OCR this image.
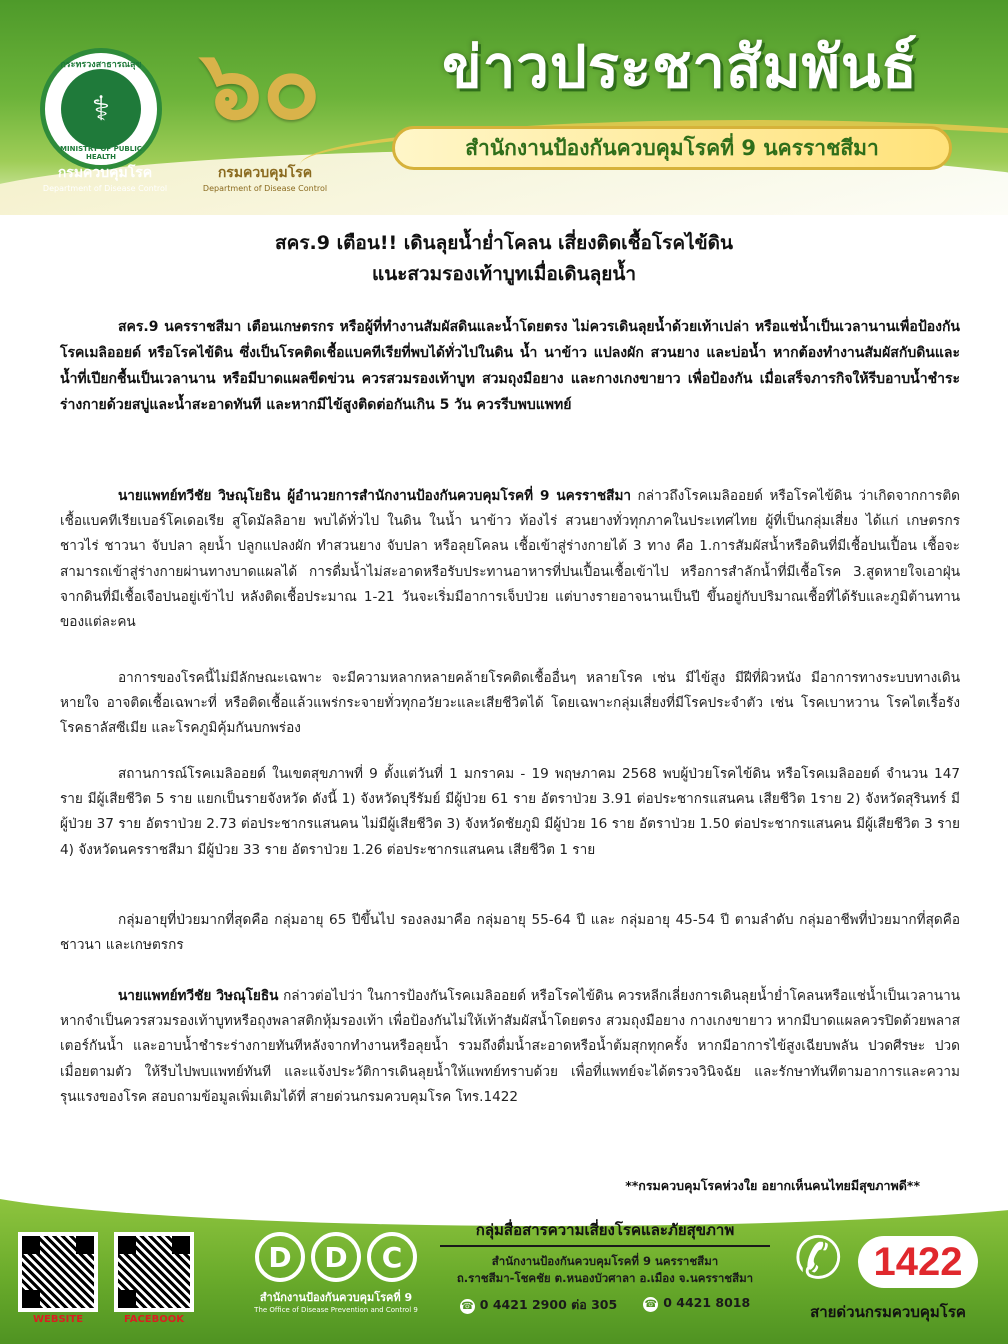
กระทรวงสาธารณสุข
⚕
MINISTRY OF PUBLIC HEALTH
กรมควบคุมโรค
Department of Disease Control
๖๐
กรมควบคุมโรค
Department of Disease Control
ข่าวประชาสัมพันธ์
สำนักงานป้องกันควบคุมโรคที่ 9 นครราชสีมา
สคร.9 เตือน!! เดินลุยน้ำย่ำโคลน เสี่ยงติดเชื้อโรคไข้ดิน
แนะสวมรองเท้าบูทเมื่อเดินลุยน้ำ
สคร.9 นครราชสีมา เตือนเกษตรกร หรือผู้ที่ทำงานสัมผัสดินและน้ำโดยตรง ไม่ควรเดินลุยน้ำด้วยเท้าเปล่า หรือแช่น้ำเป็นเวลานานเพื่อป้องกันโรคเมลิออยด์ หรือโรคไข้ดิน ซึ่งเป็นโรคติดเชื้อแบคทีเรียที่พบได้ทั่วไปในดิน น้ำ นาข้าว แปลงผัก สวนยาง และบ่อน้ำ หากต้องทำงานสัมผัสกับดินและน้ำที่เปียกชื้นเป็นเวลานาน หรือมีบาดแผลขีดข่วน ควรสวมรองเท้าบูท สวมถุงมือยาง และกางเกงขายาว เพื่อป้องกัน เมื่อเสร็จภารกิจให้รีบอาบน้ำชำระร่างกายด้วยสบู่และน้ำสะอาดทันที และหากมีไข้สูงติดต่อกันเกิน 5 วัน ควรรีบพบแพทย์
นายแพทย์ทวีชัย วิษณุโยธิน ผู้อำนวยการสำนักงานป้องกันควบคุมโรคที่ 9 นครราชสีมา กล่าวถึงโรคเมลิออยด์ หรือโรคไข้ดิน ว่าเกิดจากการติดเชื้อแบคทีเรียเบอร์โคเดอเรีย สูโดมัลลิอาย พบได้ทั่วไป ในดิน ในน้ำ นาข้าว ท้องไร่ สวนยางทั่วทุกภาคในประเทศไทย ผู้ที่เป็นกลุ่มเสี่ยง ได้แก่ เกษตรกร ชาวไร่ ชาวนา จับปลา ลุยน้ำ ปลูกแปลงผัก ทำสวนยาง จับปลา หรือลุยโคลน เชื้อเข้าสู่ร่างกายได้ 3 ทาง คือ 1.การสัมผัสน้ำหรือดินที่มีเชื้อปนเปื้อน เชื้อจะสามารถเข้าสู่ร่างกายผ่านทางบาดแผลได้ การดื่มน้ำไม่สะอาดหรือรับประทานอาหารที่ปนเปื้อนเชื้อเข้าไป หรือการสำลักน้ำที่มีเชื้อโรค 3.สูดหายใจเอาฝุ่นจากดินที่มีเชื้อเจือปนอยู่เข้าไป หลังติดเชื้อประมาณ 1-21 วันจะเริ่มมีอาการเจ็บป่วย แต่บางรายอาจนานเป็นปี ขึ้นอยู่กับปริมาณเชื้อที่ได้รับและภูมิต้านทานของแต่ละคน
อาการของโรคนี้ไม่มีลักษณะเฉพาะ จะมีความหลากหลายคล้ายโรคติดเชื้ออื่นๆ หลายโรค เช่น มีไข้สูง มีฝีที่ผิวหนัง มีอาการทางระบบทางเดินหายใจ อาจติดเชื้อเฉพาะที่ หรือติดเชื้อแล้วแพร่กระจายทั่วทุกอวัยวะและเสียชีวิตได้ โดยเฉพาะกลุ่มเสี่ยงที่มีโรคประจำตัว เช่น โรคเบาหวาน โรคไตเรื้อรัง โรคธาลัสซีเมีย และโรคภูมิคุ้มกันบกพร่อง
สถานการณ์โรคเมลิออยด์ ในเขตสุขภาพที่ 9 ตั้งแต่วันที่ 1 มกราคม - 19 พฤษภาคม 2568 พบผู้ป่วยโรคไข้ดิน หรือโรคเมลิออยด์ จำนวน 147 ราย มีผู้เสียชีวิต 5 ราย แยกเป็นรายจังหวัด ดังนี้ 1) จังหวัดบุรีรัมย์ มีผู้ป่วย 61 ราย อัตราป่วย 3.91 ต่อประชากรแสนคน เสียชีวิต 1ราย 2) จังหวัดสุรินทร์ มีผู้ป่วย 37 ราย อัตราป่วย 2.73 ต่อประชากรแสนคน ไม่มีผู้เสียชีวิต 3) จังหวัดชัยภูมิ มีผู้ป่วย 16 ราย อัตราป่วย 1.50 ต่อประชากรแสนคน มีผู้เสียชีวิต 3 ราย 4) จังหวัดนครราชสีมา มีผู้ป่วย 33 ราย อัตราป่วย 1.26 ต่อประชากรแสนคน เสียชีวิต 1 ราย
กลุ่มอายุที่ป่วยมากที่สุดคือ กลุ่มอายุ 65 ปีขึ้นไป รองลงมาคือ กลุ่มอายุ 55-64 ปี และ กลุ่มอายุ 45-54 ปี ตามลำดับ กลุ่มอาชีพที่ป่วยมากที่สุดคือ ชาวนา และเกษตรกร
นายแพทย์ทวีชัย วิษณุโยธิน กล่าวต่อไปว่า ในการป้องกันโรคเมลิออยด์ หรือโรคไข้ดิน ควรหลีกเลี่ยงการเดินลุยน้ำย่ำโคลนหรือแช่น้ำเป็นเวลานาน หากจำเป็นควรสวมรองเท้าบูทหรือถุงพลาสติกหุ้มรองเท้า เพื่อป้องกันไม่ให้เท้าสัมผัสน้ำโดยตรง สวมถุงมือยาง กางเกงขายาว หากมีบาดแผลควรปิดด้วยพลาสเตอร์กันน้ำ และอาบน้ำชำระร่างกายทันทีหลังจากทำงานหรือลุยน้ำ รวมถึงดื่มน้ำสะอาดหรือน้ำต้มสุกทุกครั้ง หากมีอาการไข้สูงเฉียบพลัน ปวดศีรษะ ปวดเมื่อยตามตัว ให้รีบไปพบแพทย์ทันที และแจ้งประวัติการเดินลุยน้ำให้แพทย์ทราบด้วย เพื่อที่แพทย์จะได้ตรวจวินิจฉัย และรักษาทันทีตามอาการและความรุนแรงของโรค สอบถามข้อมูลเพิ่มเติมได้ที่ สายด่วนกรมควบคุมโรค โทร.1422
**กรมควบคุมโรคห่วงใย อยากเห็นคนไทยมีสุขภาพดี**
WEBSITE	FACEBOOK
D	D	C
สำนักงานป้องกันควบคุมโรคที่ 9
The Office of Disease Prevention and Control 9
กลุ่มสื่อสารความเสี่ยงโรคและภัยสุขภาพ
สำนักงานป้องกันควบคุมโรคที่ 9 นครราชสีมา
ถ.ราชสีมา-โชคชัย ต.หนองบัวศาลา อ.เมือง จ.นครราชสีมา
☎ 0 4421 2900 ต่อ 305	☎ 0 4421 8018
✆ 1422
สายด่วนกรมควบคุมโรค
